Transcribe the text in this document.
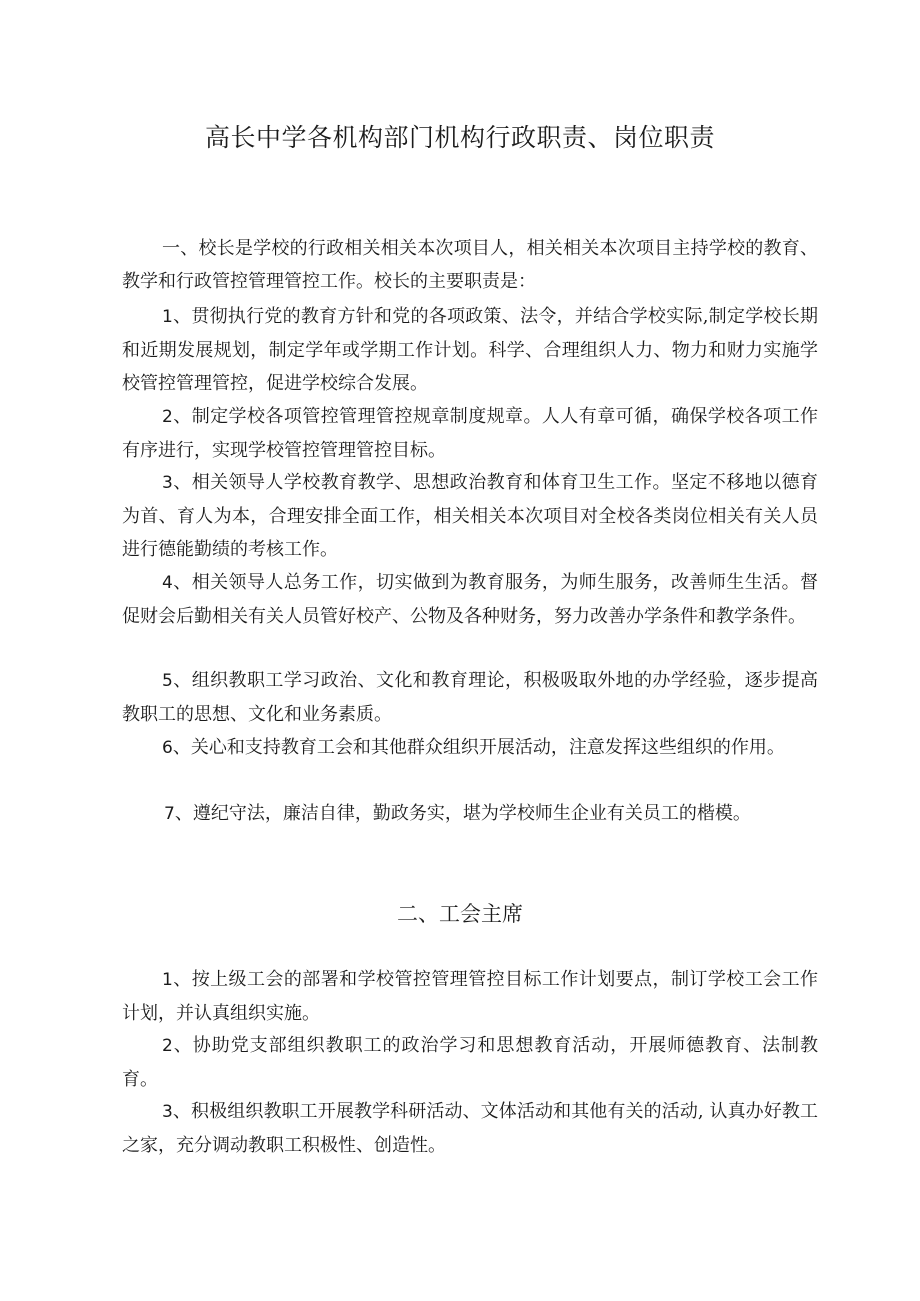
高长中学各机构部门机构行政职责、岗位职责

一、校长是学校的行政相关相关本次项目人，相关相关本次项目主持学校的教育、教学和行政管控管理管控工作。校长的主要职责是：

1、贯彻执行党的教育方针和党的各项政策、法令，并结合学校实际,制定学校长期和近期发展规划，制定学年或学期工作计划。科学、合理组织人力、物力和财力实施学校管控管理管控，促进学校综合发展。

2、制定学校各项管控管理管控规章制度规章。人人有章可循，确保学校各项工作有序进行，实现学校管控管理管控目标。

3、相关领导人学校教育教学、思想政治教育和体育卫生工作。坚定不移地以德育为首、育人为本，合理安排全面工作，相关相关本次项目对全校各类岗位相关有关人员进行德能勤绩的考核工作。

4、相关领导人总务工作，切实做到为教育服务，为师生服务，改善师生生活。督促财会后勤相关有关人员管好校产、公物及各种财务，努力改善办学条件和教学条件。

5、组织教职工学习政治、文化和教育理论，积极吸取外地的办学经验，逐步提高教职工的思想、文化和业务素质。

6、关心和支持教育工会和其他群众组织开展活动，注意发挥这些组织的作用。

7、遵纪守法，廉洁自律，勤政务实，堪为学校师生企业有关员工的楷模。

二、工会主席

1、按上级工会的部署和学校管控管理管控目标工作计划要点，制订学校工会工作计划，并认真组织实施。

2、协助党支部组织教职工的政治学习和思想教育活动，开展师德教育、法制教育。

3、积极组织教职工开展教学科研活动、文体活动和其他有关的活动, 认真办好教工之家，充分调动教职工积极性、创造性。
